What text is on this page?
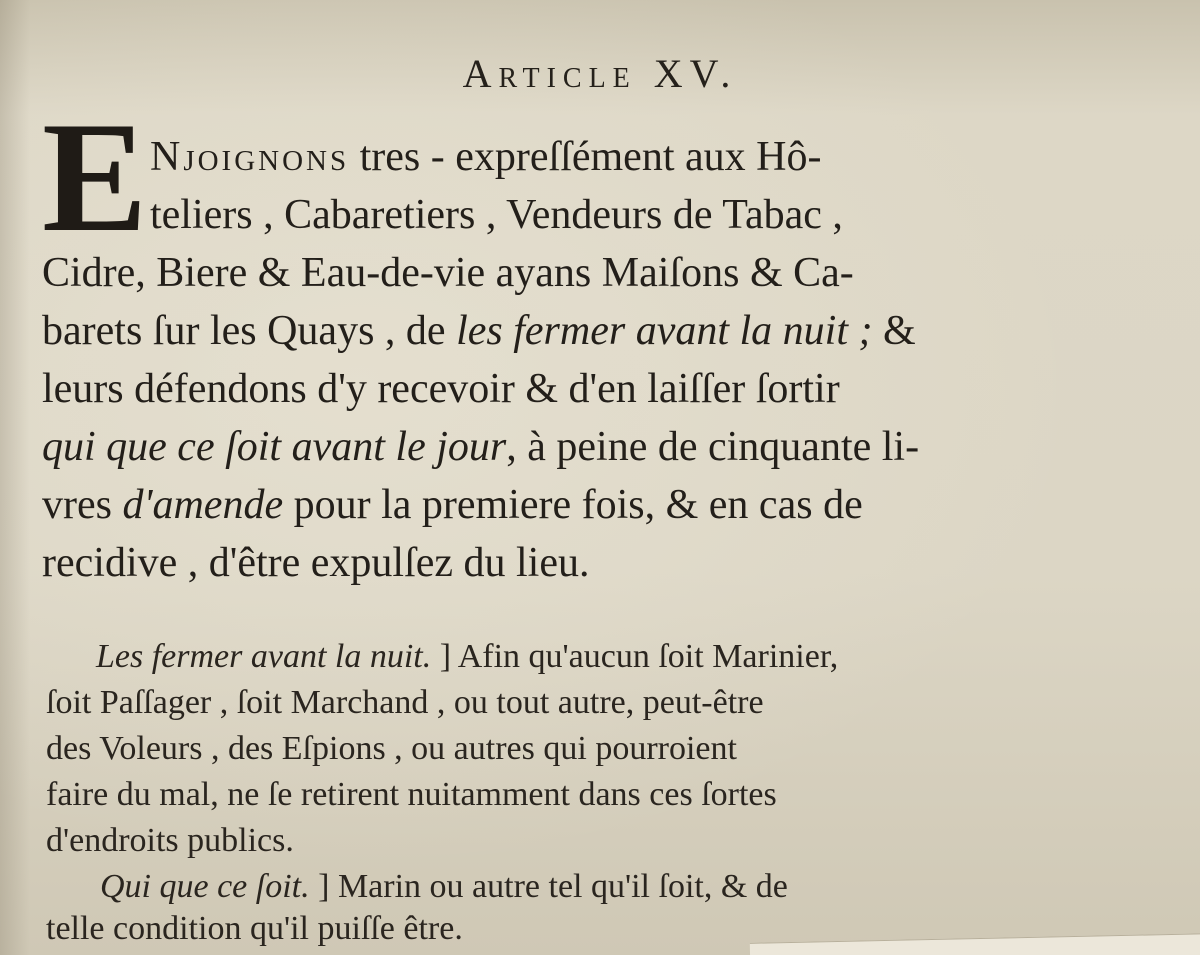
Article XV.
E Njoignons tres - expreſſément aux Hô-
teliers , Cabaretiers , Vendeurs de Tabac ,
Cidre, Biere & Eau-de-vie ayans Maiſons & Ca-
barets ſur les Quays , de les fermer avant la nuit ; &
leurs défendons d'y recevoir & d'en laiſſer ſortir
qui que ce ſoit avant le jour, à peine de cinquante li-
vres d'amende pour la premiere fois, & en cas de
recidive , d'être expulſez du lieu.
Les fermer avant la nuit. ] Afin qu'aucun ſoit Marinier,
ſoit Paſſager , ſoit Marchand , ou tout autre, peut-être
des Voleurs , des Eſpions , ou autres qui pourroient
faire du mal, ne ſe retirent nuitamment dans ces ſortes
d'endroits publics.
Qui que ce ſoit. ] Marin ou autre tel qu'il ſoit, & de
telle condition qu'il puiſſe être.
